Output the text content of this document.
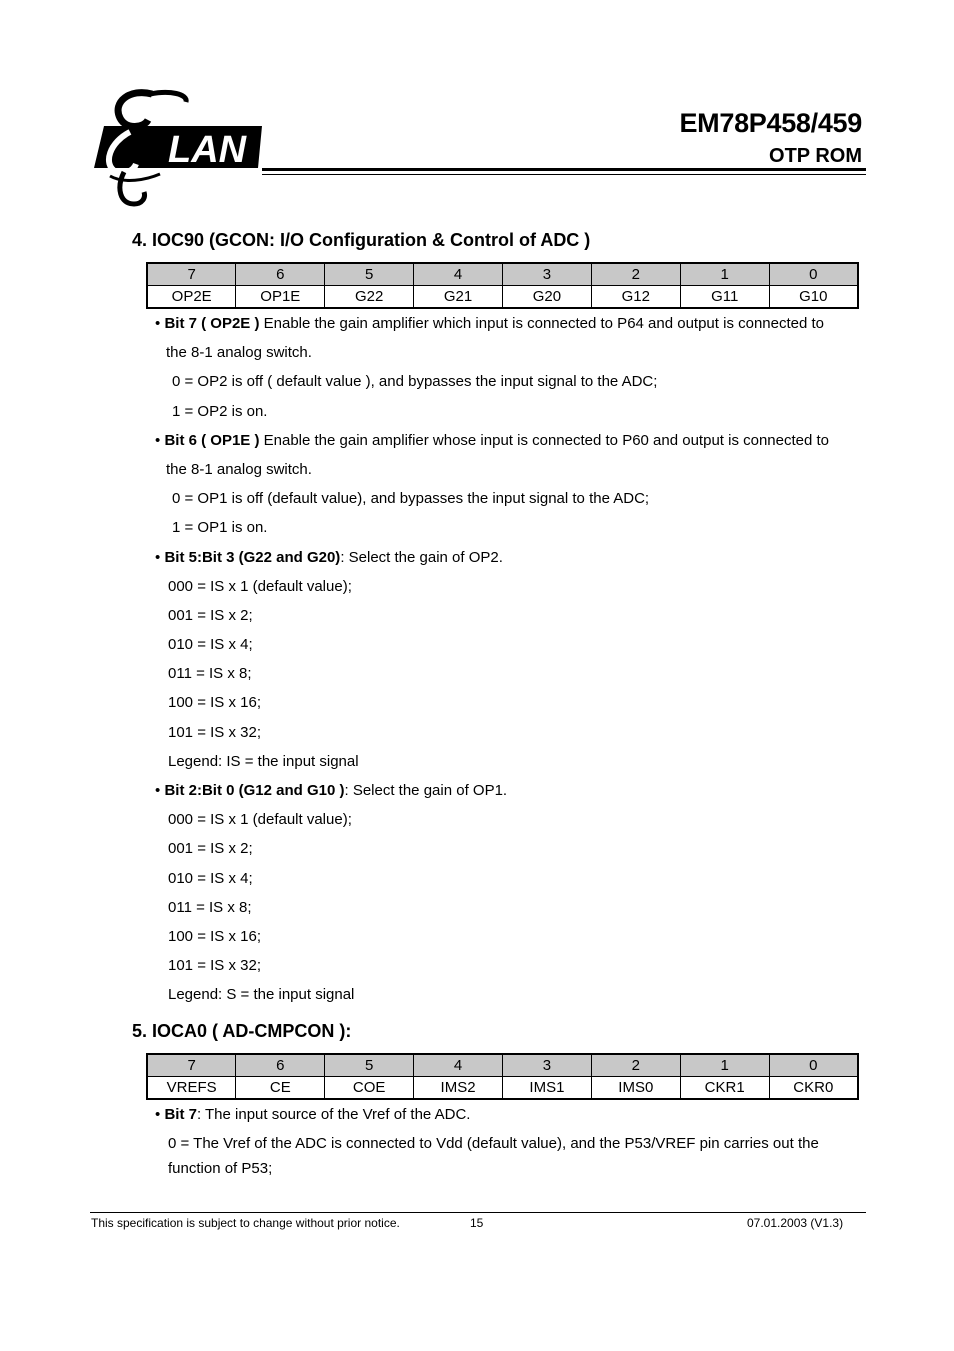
LAN
EM78P458/459
OTP ROM
4. IOC90 (GCON: I/O Configuration & Control of ADC )
7	6	5	4	3	2	1	0
OP2E	OP1E	G22	G21	G20	G12	G11	G10
• Bit 7 ( OP2E ) Enable the gain amplifier which input is connected to P64 and output is connected to
the 8-1 analog switch.
0 = OP2 is off ( default value ), and bypasses the input signal to the ADC;
1 = OP2 is on.
• Bit 6 ( OP1E ) Enable the gain amplifier whose input is connected to P60 and output is connected to
the 8-1 analog switch.
0 = OP1 is off (default value), and bypasses the input signal to the ADC;
1 = OP1 is on.
• Bit 5:Bit 3 (G22 and G20): Select the gain of OP2.
000 = IS x 1 (default value);
001 = IS x 2;
010 = IS x 4;
011 = IS x 8;
100 = IS x 16;
101 = IS x 32;
Legend: IS = the input signal
• Bit 2:Bit 0 (G12 and G10 ): Select the gain of OP1.
000 = IS x 1 (default value);
001 = IS x 2;
010 = IS x 4;
011 = IS x 8;
100 = IS x 16;
101 = IS x 32;
Legend: S = the input signal
5. IOCA0 ( AD-CMPCON ):
7	6	5	4	3	2	1	0
VREFS	CE	COE	IMS2	IMS1	IMS0	CKR1	CKR0
• Bit 7: The input source of the Vref of the ADC.
0 = The Vref of the ADC is connected to Vdd (default value), and the P53/VREF pin carries out the
function of P53;
This specification is subject to change without prior notice.	15	07.01.2003 (V1.3)
